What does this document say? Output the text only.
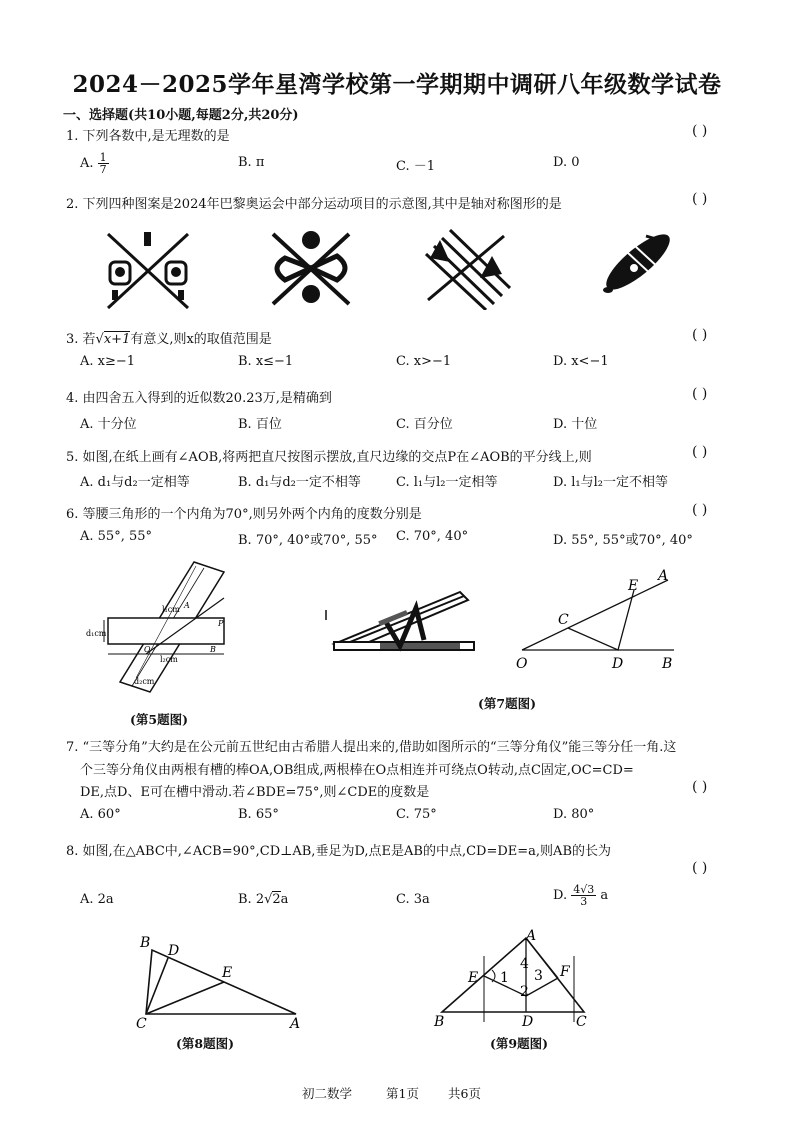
2024－2025学年星湾学校第一学期期中调研八年级数学试卷
一、选择题(共10小题,每题2分,共20分)
1. 下列各数中,是无理数的是	( )
A. $\frac{1}{7}$	B. π	C. －1	D. 0
2. 下列四种图案是2024年巴黎奥运会中部分运动项目的示意图,其中是轴对称图形的是	( )
3. 若√x+1有意义,则x的取值范围是	( )
A. x≥−1	B. x≤−1	C. x>−1	D. x<−1
4. 由四舍五入得到的近似数20.23万,是精确到	( )
A. 十分位	B. 百位	C. 百分位	D. 十位
5. 如图,在纸上画有∠AOB,将两把直尺按图示摆放,直尺边缘的交点P在∠AOB的平分线上,则	( )
A. d₁与d₂一定相等	B. d₁与d₂一定不相等	C. l₁与l₂一定相等	D. l₁与l₂一定不相等
6. 等腰三角形的一个内角为70°,则另外两个内角的度数分别是	( )
A. 55°, 55°	B. 70°, 40°或70°, 55° C. 70°, 40°	D. 55°, 55°或70°, 40°
d₁cm
l₁cm
l₂cm
d₂cm
A
B
O
P
(第5题图)
O	D	B
C
E
A
(第7题图)
7. “三等分角”大约是在公元前五世纪由古希腊人提出来的,借助如图所示的“三等分角仪”能三等分任一角.这
个三等分角仪由两根有槽的棒OA,OB组成,两根棒在O点相连并可绕点O转动,点C固定,OC=CD=
DE,点D、E可在槽中滑动.若∠BDE=75°,则∠CDE的度数是	( )
A. 60°	B. 65°	C. 75°	D. 80°
8. 如图,在△ABC中,∠ACB=90°,CD⊥AB,垂足为D,点E是AB的中点,CD=DE=a,则AB的长为
( )
A. 2a	B. 2√2a	C. 3a	D. $\frac{4√3}{3}$ a
B D
E
C	A
(第8题图)
E 1
2
3
4
A
F
B	D	C
(第9题图)
初二数学	第1页 共6页
